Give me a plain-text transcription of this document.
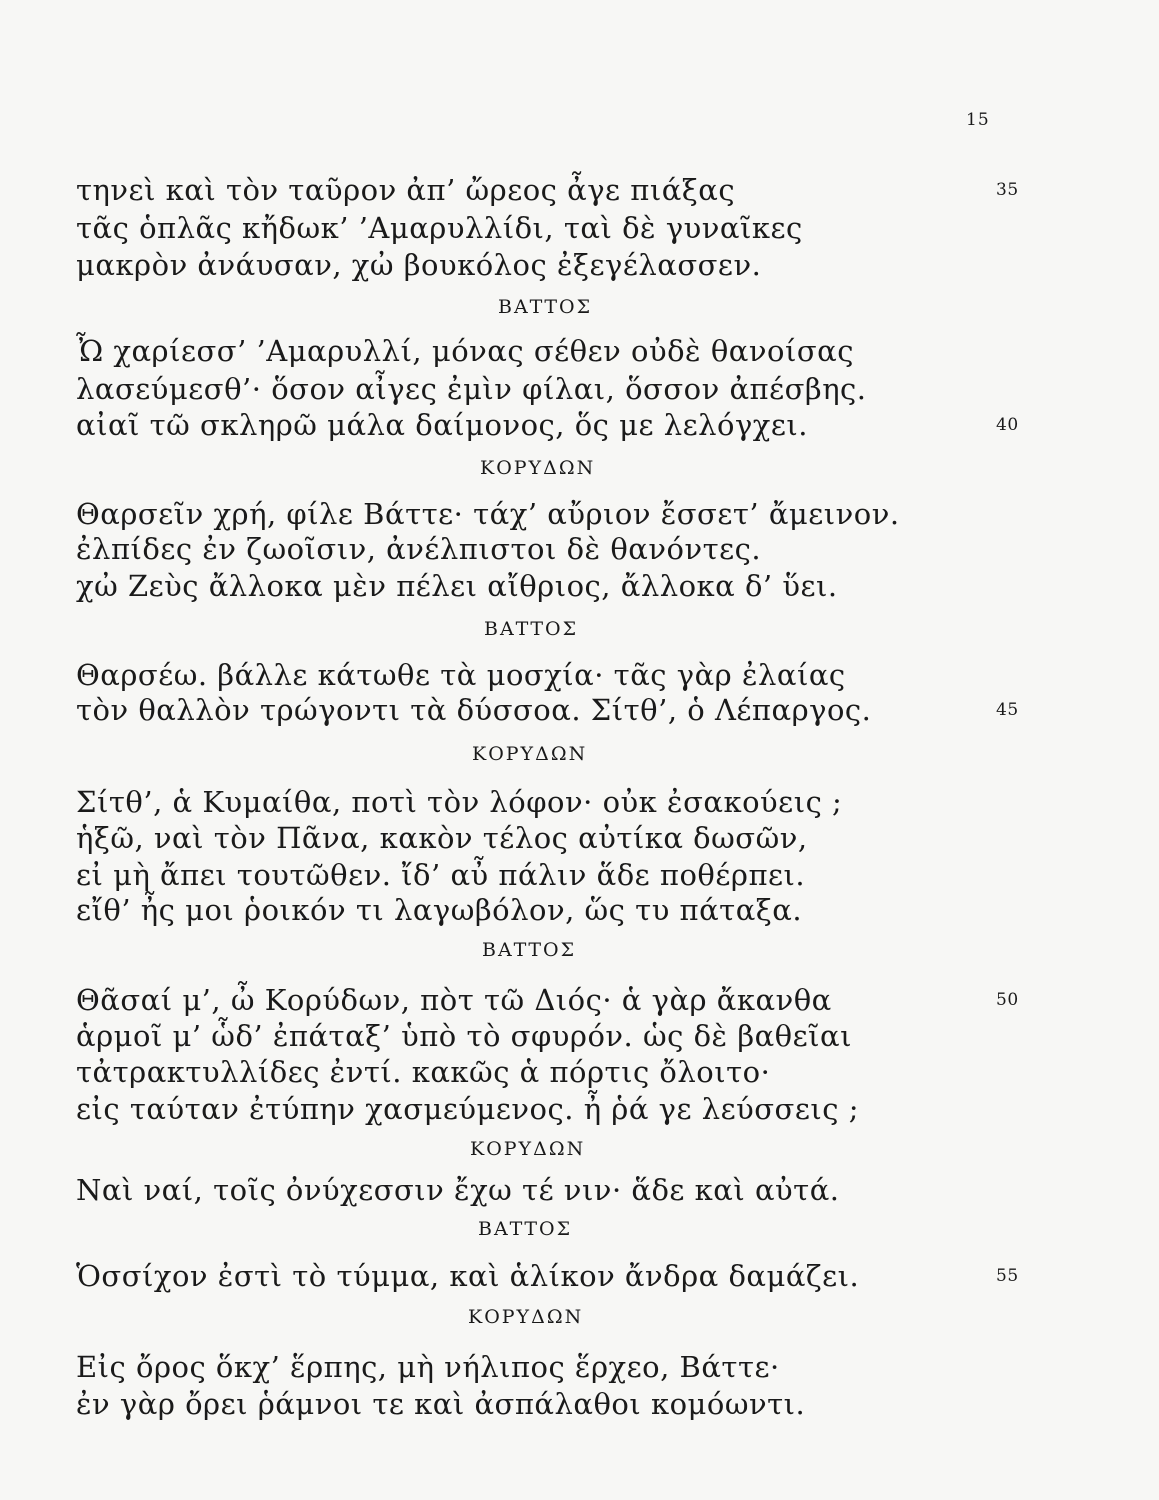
15
τηνεὶ καὶ τὸν ταῦρον ἀπ’ ὤρεος ἆγε πιάξας	35
τᾶς ὁπλᾶς κἤδωκ’ ’Αμαρυλλίδι, ταὶ δὲ γυναῖκες
μακρὸν ἀνάυσαν, χὠ βουκόλος ἐξεγέλασσεν.
ΒΑΤΤΟΣ
Ὦ χαρίεσσ’ ’Αμαρυλλί, μόνας σέθεν οὐδὲ θανοίσας
λασεύμεσθ’· ὅσον αἶγες ἐμὶν φίλαι, ὅσσον ἀπέσβης.
αἰαῖ τῶ σκληρῶ μάλα δαίμονος, ὅς με λελόγχει.	40
ΚΟΡΥΔΩΝ
Θαρσεῖν χρή, φίλε Βάττε· τάχ’ αὔριον ἔσσετ’ ἄμεινον.
ἐλπίδες ἐν ζωοῖσιν, ἀνέλπιστοι δὲ θανόντες.
χὠ Ζεὺς ἄλλοκα μὲν πέλει αἴθριος, ἄλλοκα δ’ ὕει.
ΒΑΤΤΟΣ
Θαρσέω. βάλλε κάτωθε τὰ μοσχία· τᾶς γὰρ ἐλαίας
τὸν θαλλὸν τρώγοντι τὰ δύσσοα. Σίτθ’, ὁ Λέπαργος.	45
ΚΟΡΥΔΩΝ
Σίτθ’, ἁ Κυμαίθα, ποτὶ τὸν λόφον· οὐκ ἐσακούεις ;
ἡξῶ, ναὶ τὸν Πᾶνα, κακὸν τέλος αὐτίκα δωσῶν,
εἰ μὴ ἄπει τουτῶθεν. ἴδ’ αὖ πάλιν ἅδε ποθέρπει.
εἴθ’ ἦς μοι ῥοικόν τι λαγωβόλον, ὥς τυ πάταξα.
ΒΑΤΤΟΣ
Θᾶσαί μ’, ὦ Κορύδων, πὸτ τῶ Διός· ἁ γὰρ ἄκανθα	50
ἁρμοῖ μ’ ὧδ’ ἐπάταξ’ ὑπὸ τὸ σφυρόν. ὡς δὲ βαθεῖαι
τἀτρακτυλλίδες ἐντί. κακῶς ἁ πόρτις ὄλοιτο·
εἰς ταύταν ἐτύπην χασμεύμενος. ἦ ῥά γε λεύσσεις ;
ΚΟΡΥΔΩΝ
Ναὶ ναί, τοῖς ὀνύχεσσιν ἔχω τέ νιν· ἅδε καὶ αὐτά.
ΒΑΤΤΟΣ
Ὁσσίχον ἐστὶ τὸ τύμμα, καὶ ἁλίκον ἄνδρα δαμάζει.	55
ΚΟΡΥΔΩΝ
Εἰς ὄρος ὅκχ’ ἕρπης, μὴ νήλιπος ἕρχεο, Βάττε·
ἐν γὰρ ὄρει ῥάμνοι τε καὶ ἀσπάλαθοι κομόωντι.
